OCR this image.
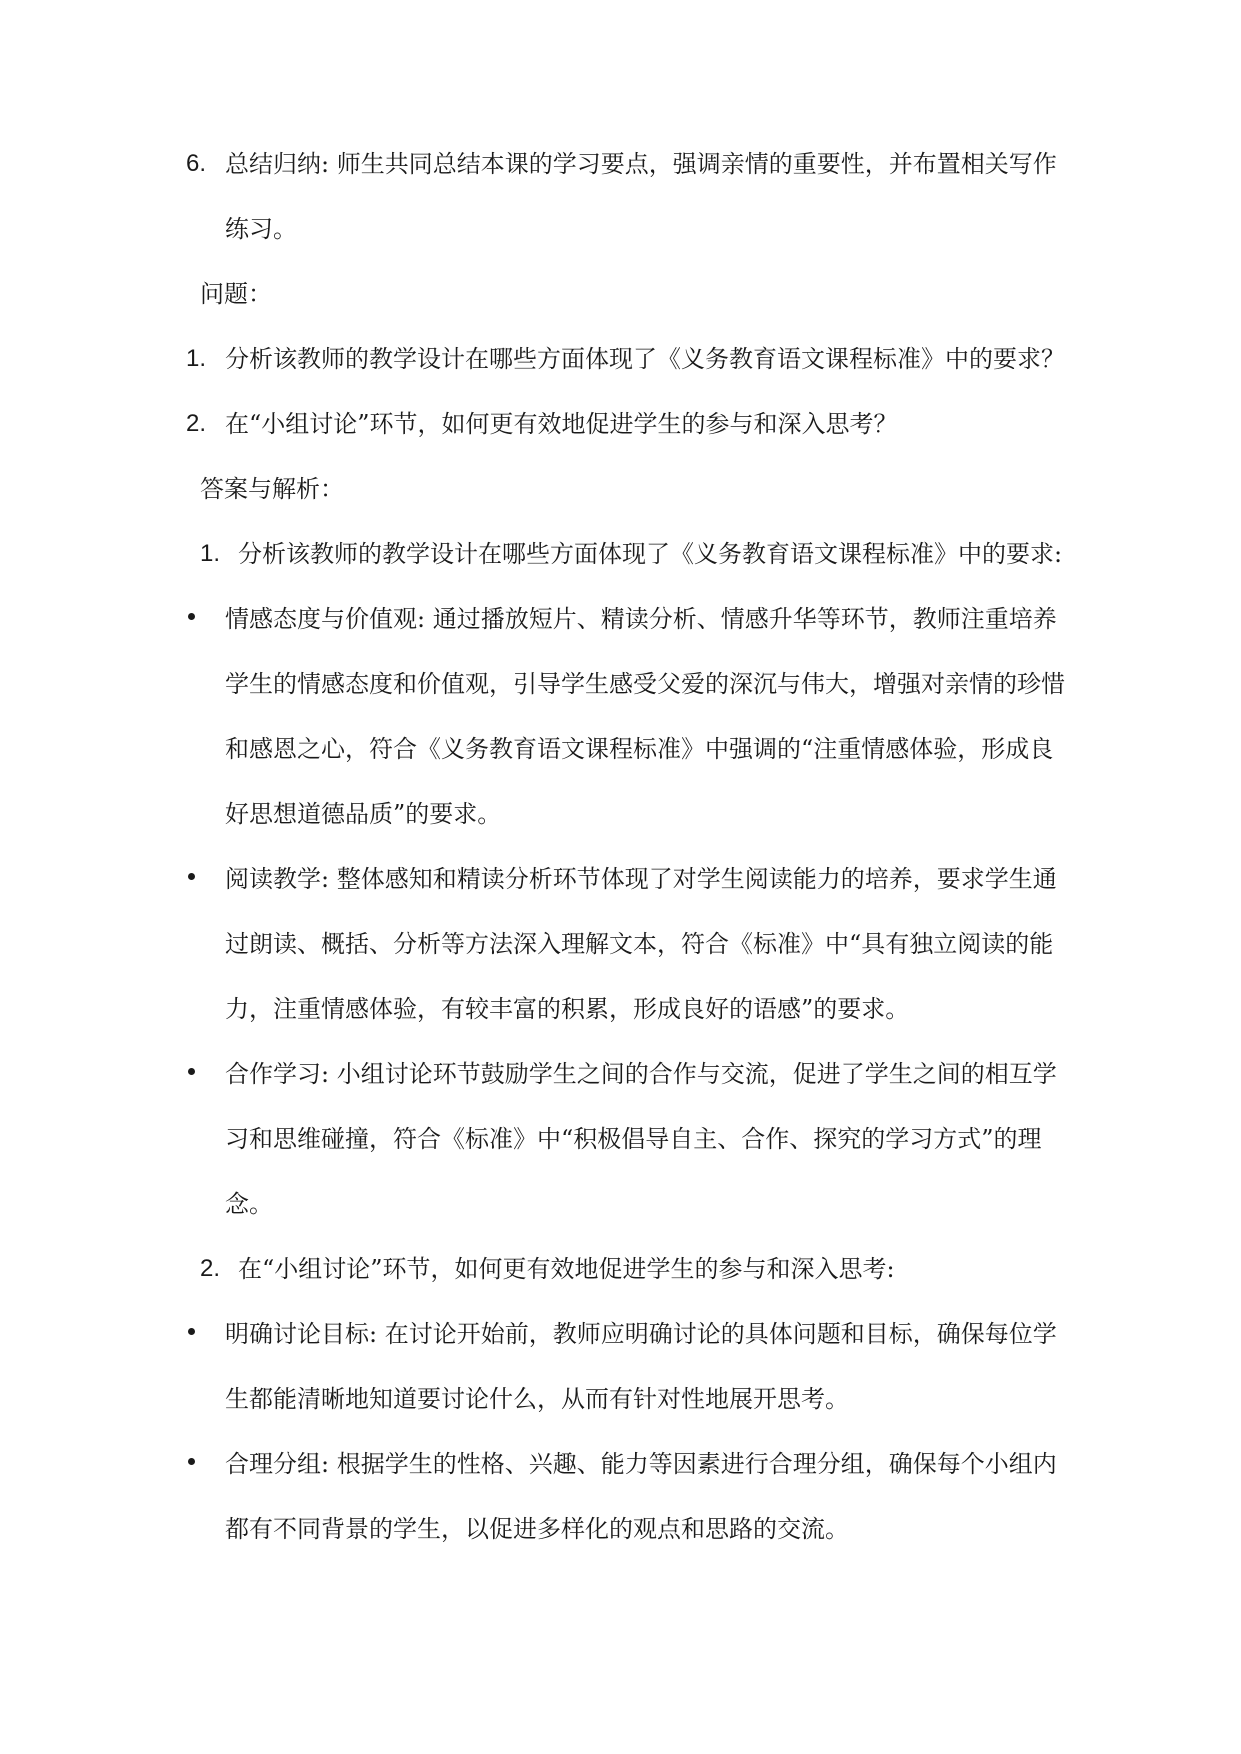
6. 总结归纳: 师生共同总结本课的学习要点，强调亲情的重要性，并布置相关写作
练习。
问题：
1. 分析该教师的教学设计在哪些方面体现了《义务教育语文课程标准》中的要求？
2. 在“小组讨论”环节，如何更有效地促进学生的参与和深入思考？
答案与解析：
1. 分析该教师的教学设计在哪些方面体现了《义务教育语文课程标准》中的要求:
情感态度与价值观: 通过播放短片、精读分析、情感升华等环节，教师注重培养
学生的情感态度和价值观，引导学生感受父爱的深沉与伟大，增强对亲情的珍惜
和感恩之心，符合《义务教育语文课程标准》中强调的“注重情感体验，形成良
好思想道德品质”的要求。
阅读教学: 整体感知和精读分析环节体现了对学生阅读能力的培养，要求学生通
过朗读、概括、分析等方法深入理解文本，符合《标准》中“具有独立阅读的能
力，注重情感体验，有较丰富的积累，形成良好的语感”的要求。
合作学习: 小组讨论环节鼓励学生之间的合作与交流，促进了学生之间的相互学
习和思维碰撞，符合《标准》中“积极倡导自主、合作、探究的学习方式”的理
念。
2. 在“小组讨论”环节，如何更有效地促进学生的参与和深入思考:
明确讨论目标: 在讨论开始前，教师应明确讨论的具体问题和目标，确保每位学
生都能清晰地知道要讨论什么，从而有针对性地展开思考。
合理分组: 根据学生的性格、兴趣、能力等因素进行合理分组，确保每个小组内
都有不同背景的学生，以促进多样化的观点和思路的交流。
